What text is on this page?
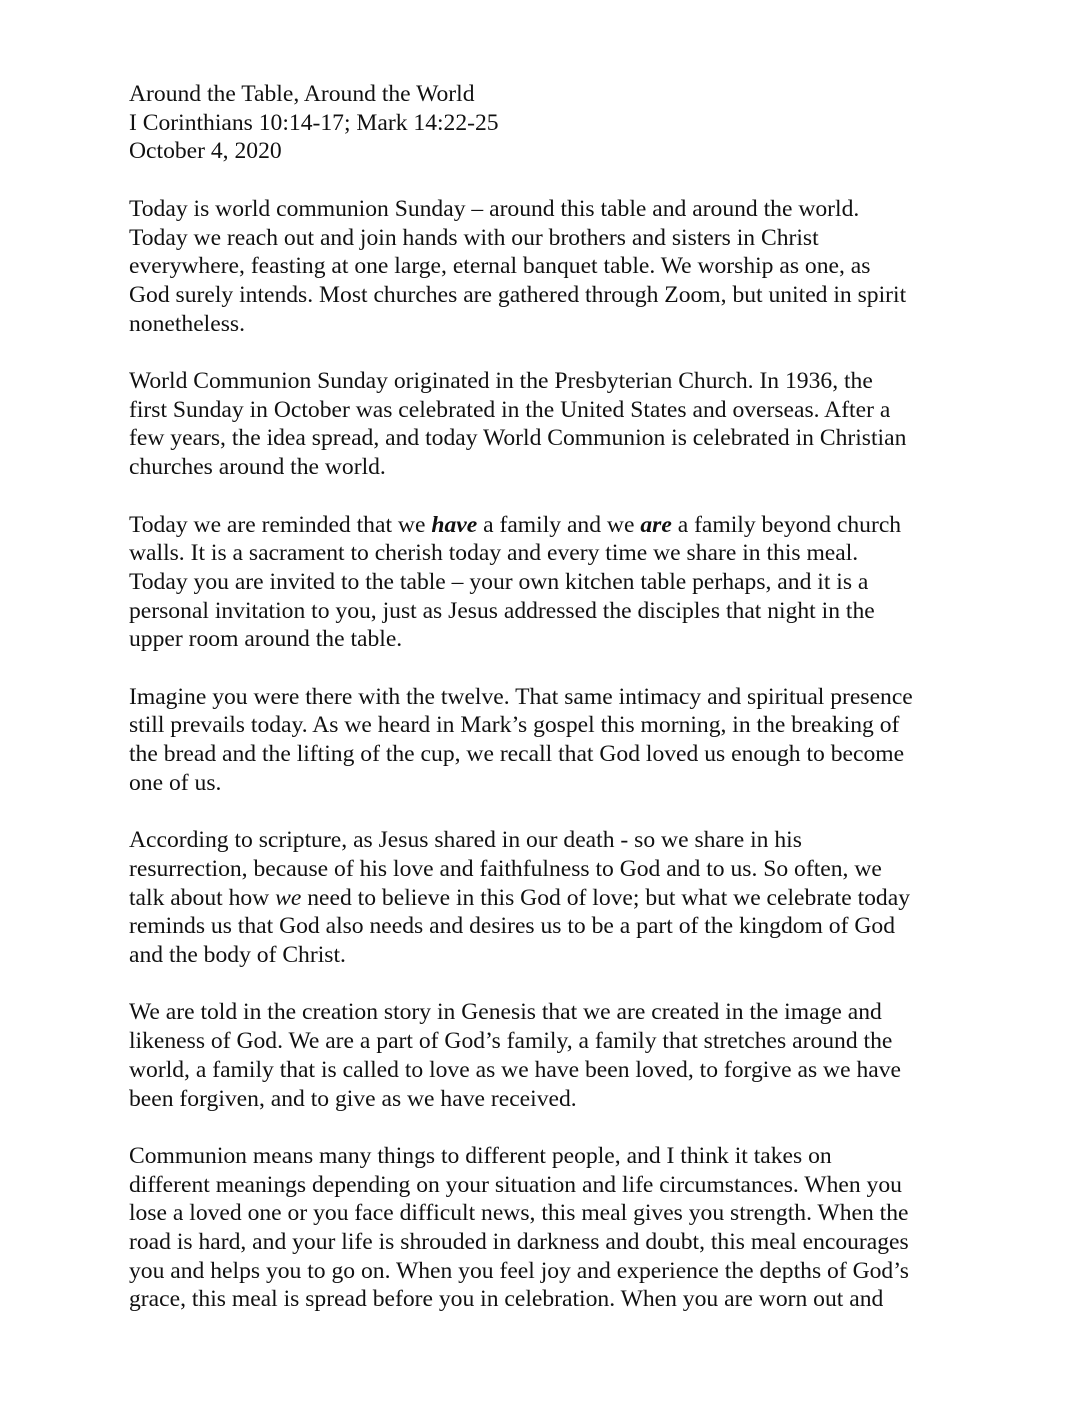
Around the Table, Around the World
I Corinthians 10:14-17; Mark 14:22-25
October 4, 2020

Today is world communion Sunday – around this table and around the world.
Today we reach out and join hands with our brothers and sisters in Christ
everywhere, feasting at one large, eternal banquet table. We worship as one, as
God surely intends. Most churches are gathered through Zoom, but united in spirit
nonetheless.

World Communion Sunday originated in the Presbyterian Church. In 1936, the
first Sunday in October was celebrated in the United States and overseas. After a
few years, the idea spread, and today World Communion is celebrated in Christian
churches around the world.

Today we are reminded that we have a family and we are a family beyond church
walls. It is a sacrament to cherish today and every time we share in this meal.
Today you are invited to the table – your own kitchen table perhaps, and it is a
personal invitation to you, just as Jesus addressed the disciples that night in the
upper room around the table.

Imagine you were there with the twelve. That same intimacy and spiritual presence
still prevails today. As we heard in Mark’s gospel this morning, in the breaking of
the bread and the lifting of the cup, we recall that God loved us enough to become
one of us.

According to scripture, as Jesus shared in our death - so we share in his
resurrection, because of his love and faithfulness to God and to us. So often, we
talk about how we need to believe in this God of love; but what we celebrate today
reminds us that God also needs and desires us to be a part of the kingdom of God
and the body of Christ.

We are told in the creation story in Genesis that we are created in the image and
likeness of God. We are a part of God’s family, a family that stretches around the
world, a family that is called to love as we have been loved, to forgive as we have
been forgiven, and to give as we have received.

Communion means many things to different people, and I think it takes on
different meanings depending on your situation and life circumstances. When you
lose a loved one or you face difficult news, this meal gives you strength. When the
road is hard, and your life is shrouded in darkness and doubt, this meal encourages
you and helps you to go on. When you feel joy and experience the depths of God’s
grace, this meal is spread before you in celebration. When you are worn out and
